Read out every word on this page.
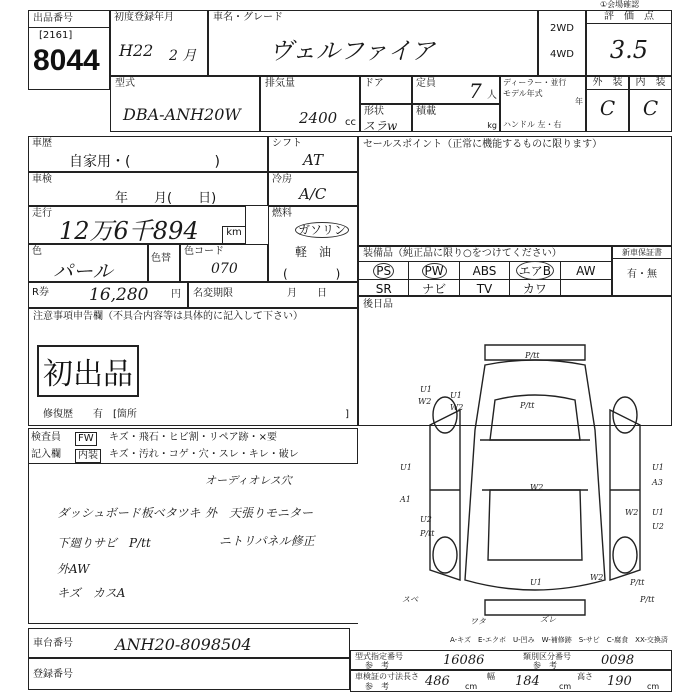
出品番号
[2161]
8044
初度登録年月
H22 2 月
車名・グレード
ヴェルファイア
2WD
4WD
評　価　点
3.5
①会場確認
型式
DBA-ANH20W
排気量
2400 cc
ドア	定員	7 人
ディーラー・並行
モデル年式
年
ハンドル 左・右
外　装
C
内　装
C
形状
スラw
積載
kg
車歴
自家用・(　　　　　　)
シフト
AT
車検
年　　月(　　日)
冷房
A/C
走行
12万6千894	km
燃料
ガソリン
軽　油
(　　　　)
色
パール
色替
色コード
070
R券	16,280 円	名変期限	月　　日
セールスポイント（正常に機能するものに限ります）
装備品（純正品に限り○をつけてください）
PS	PW ABS エアB AW
SR	ナビ	TV	カワ
新車保証書
有・無
後日品
注意事項申告欄（不具合内容等は具体的に記入して下さい）
初出品
修復歴　　有　[箇所	]
検査員
記入欄
FW
内装
キズ・飛石・ヒビ割・リペア跡・×要
キズ・汚れ・コゲ・穴・スレ・キレ・破レ
オーディオレス穴
ダッシュボード板ベタツキ 外　天張りモニター
下廻りサビ　P/tt	ニトリパネル修正
外AW
キズ　カスA
P/tt
P/tt
U1
W2
U1
W2
U1
A1
U2
P/tt
W2
U1
A3
U1
W2
U2
P/tt
スベ
ワタ
U1
ズレ
W2
P/tt
A-キズ　E-エクボ　U-凹み　W-補修跡　S-サビ　C-腐食　XX-交換済
車台番号	ANH20-8098504
登録番号
型式指定番号
参　考	16086	類別区分番号
参　考	0098
車検証の寸法
参　考
長さ 486 cm
幅 184 cm
高さ 190 cm
